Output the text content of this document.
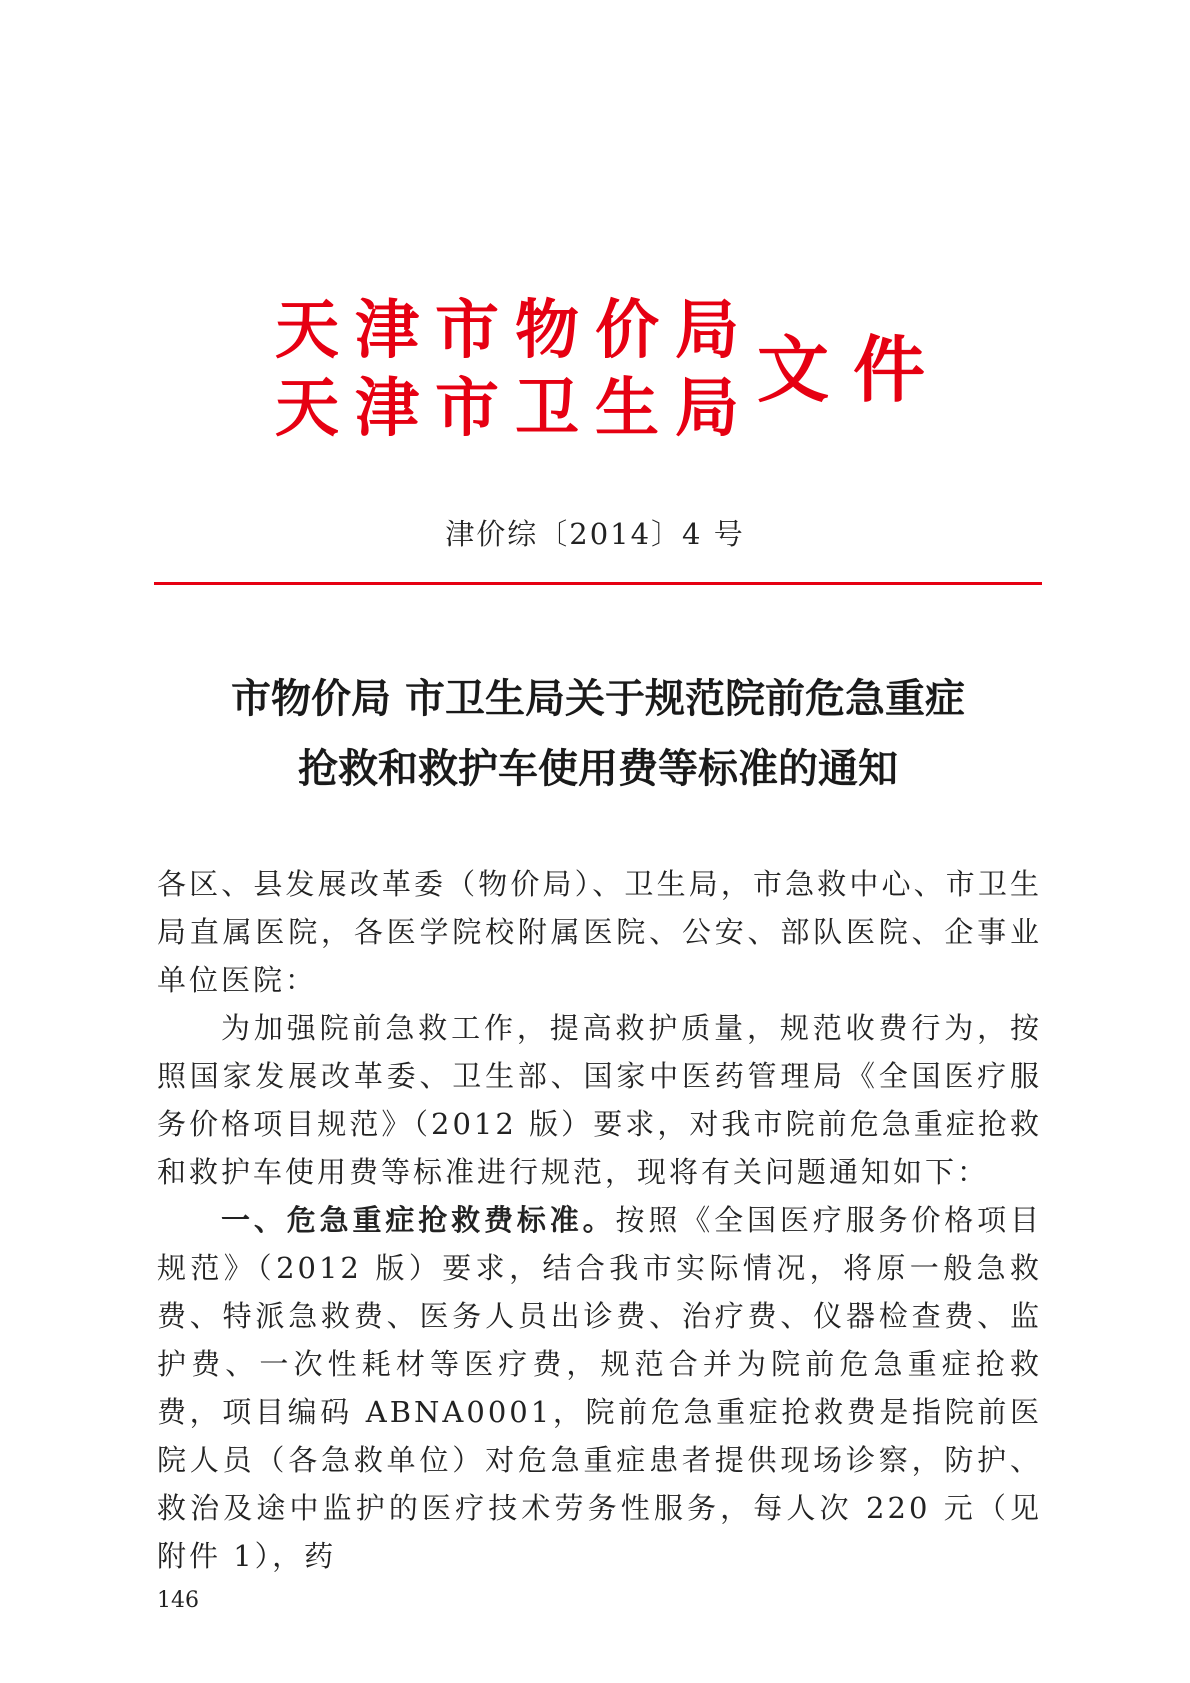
天津市物价局
天津市卫生局 文件
津价综〔2014〕4 号
市物价局 市卫生局关于规范院前危急重症
抢救和救护车使用费等标准的通知

各区、县发展改革委（物价局）、卫生局，市急救中心、市卫生局直属医院，各医学院校附属医院、公安、部队医院、企事业单位医院：

为加强院前急救工作，提高救护质量，规范收费行为，按照国家发展改革委、卫生部、国家中医药管理局《全国医疗服务价格项目规范》（2012 版）要求，对我市院前危急重症抢救和救护车使用费等标准进行规范，现将有关问题通知如下：

一、危急重症抢救费标准。按照《全国医疗服务价格项目规范》（2012 版）要求，结合我市实际情况，将原一般急救费、特派急救费、医务人员出诊费、治疗费、仪器检查费、监护费、一次性耗材等医疗费，规范合并为院前危急重症抢救费，项目编码 ABNA0001，院前危急重症抢救费是指院前医院人员（各急救单位）对危急重症患者提供现场诊察，防护、救治及途中监护的医疗技术劳务性服务，每人次 220 元（见附件 1），药

146
